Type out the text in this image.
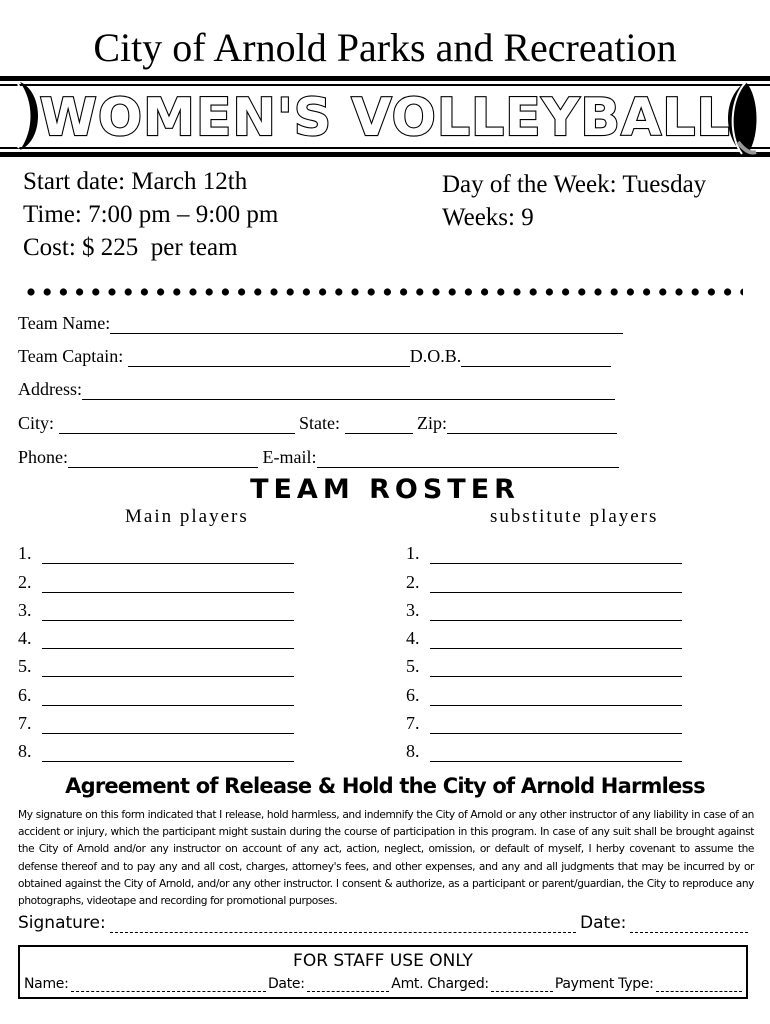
City of Arnold Parks and Recreation
WOMEN'S VOLLEYBALL
Start date: March 12th
Time: 7:00 pm – 9:00 pm
Cost: $ 225  per team
Day of the Week: Tuesday
Weeks: 9
Team Name:
Team Captain:	D.O.B.
Address:
City:	State:	Zip:
Phone:	E-mail:
TEAM ROSTER
Main players	substitute players
1.
2.
3.
4.
5.
6.
7.
8.
1.
2.
3.
4.
5.
6.
7.
8.
Agreement of Release & Hold the City of Arnold Harmless
My signature on this form indicated that I release, hold harmless, and indemnify the City of Arnold or any other instructor of any liability in case of an accident or injury, which the participant might sustain during the course of participation in this program. In case of any suit shall be brought against the City of Arnold and/or any instructor on account of any act, action, neglect, omission, or default of myself, I herby covenant to assume the defense thereof and to pay any and all cost, charges, attorney's fees, and other expenses, and any and all judgments that may be incurred by or obtained against the City of Arnold, and/or any other instructor. I consent & authorize, as a participant or parent/guardian, the City to reproduce any photographs, videotape and recording for promotional purposes.
Signature:	Date:
FOR STAFF USE ONLY
Name:	Date:	Amt. Charged:	Payment Type:
